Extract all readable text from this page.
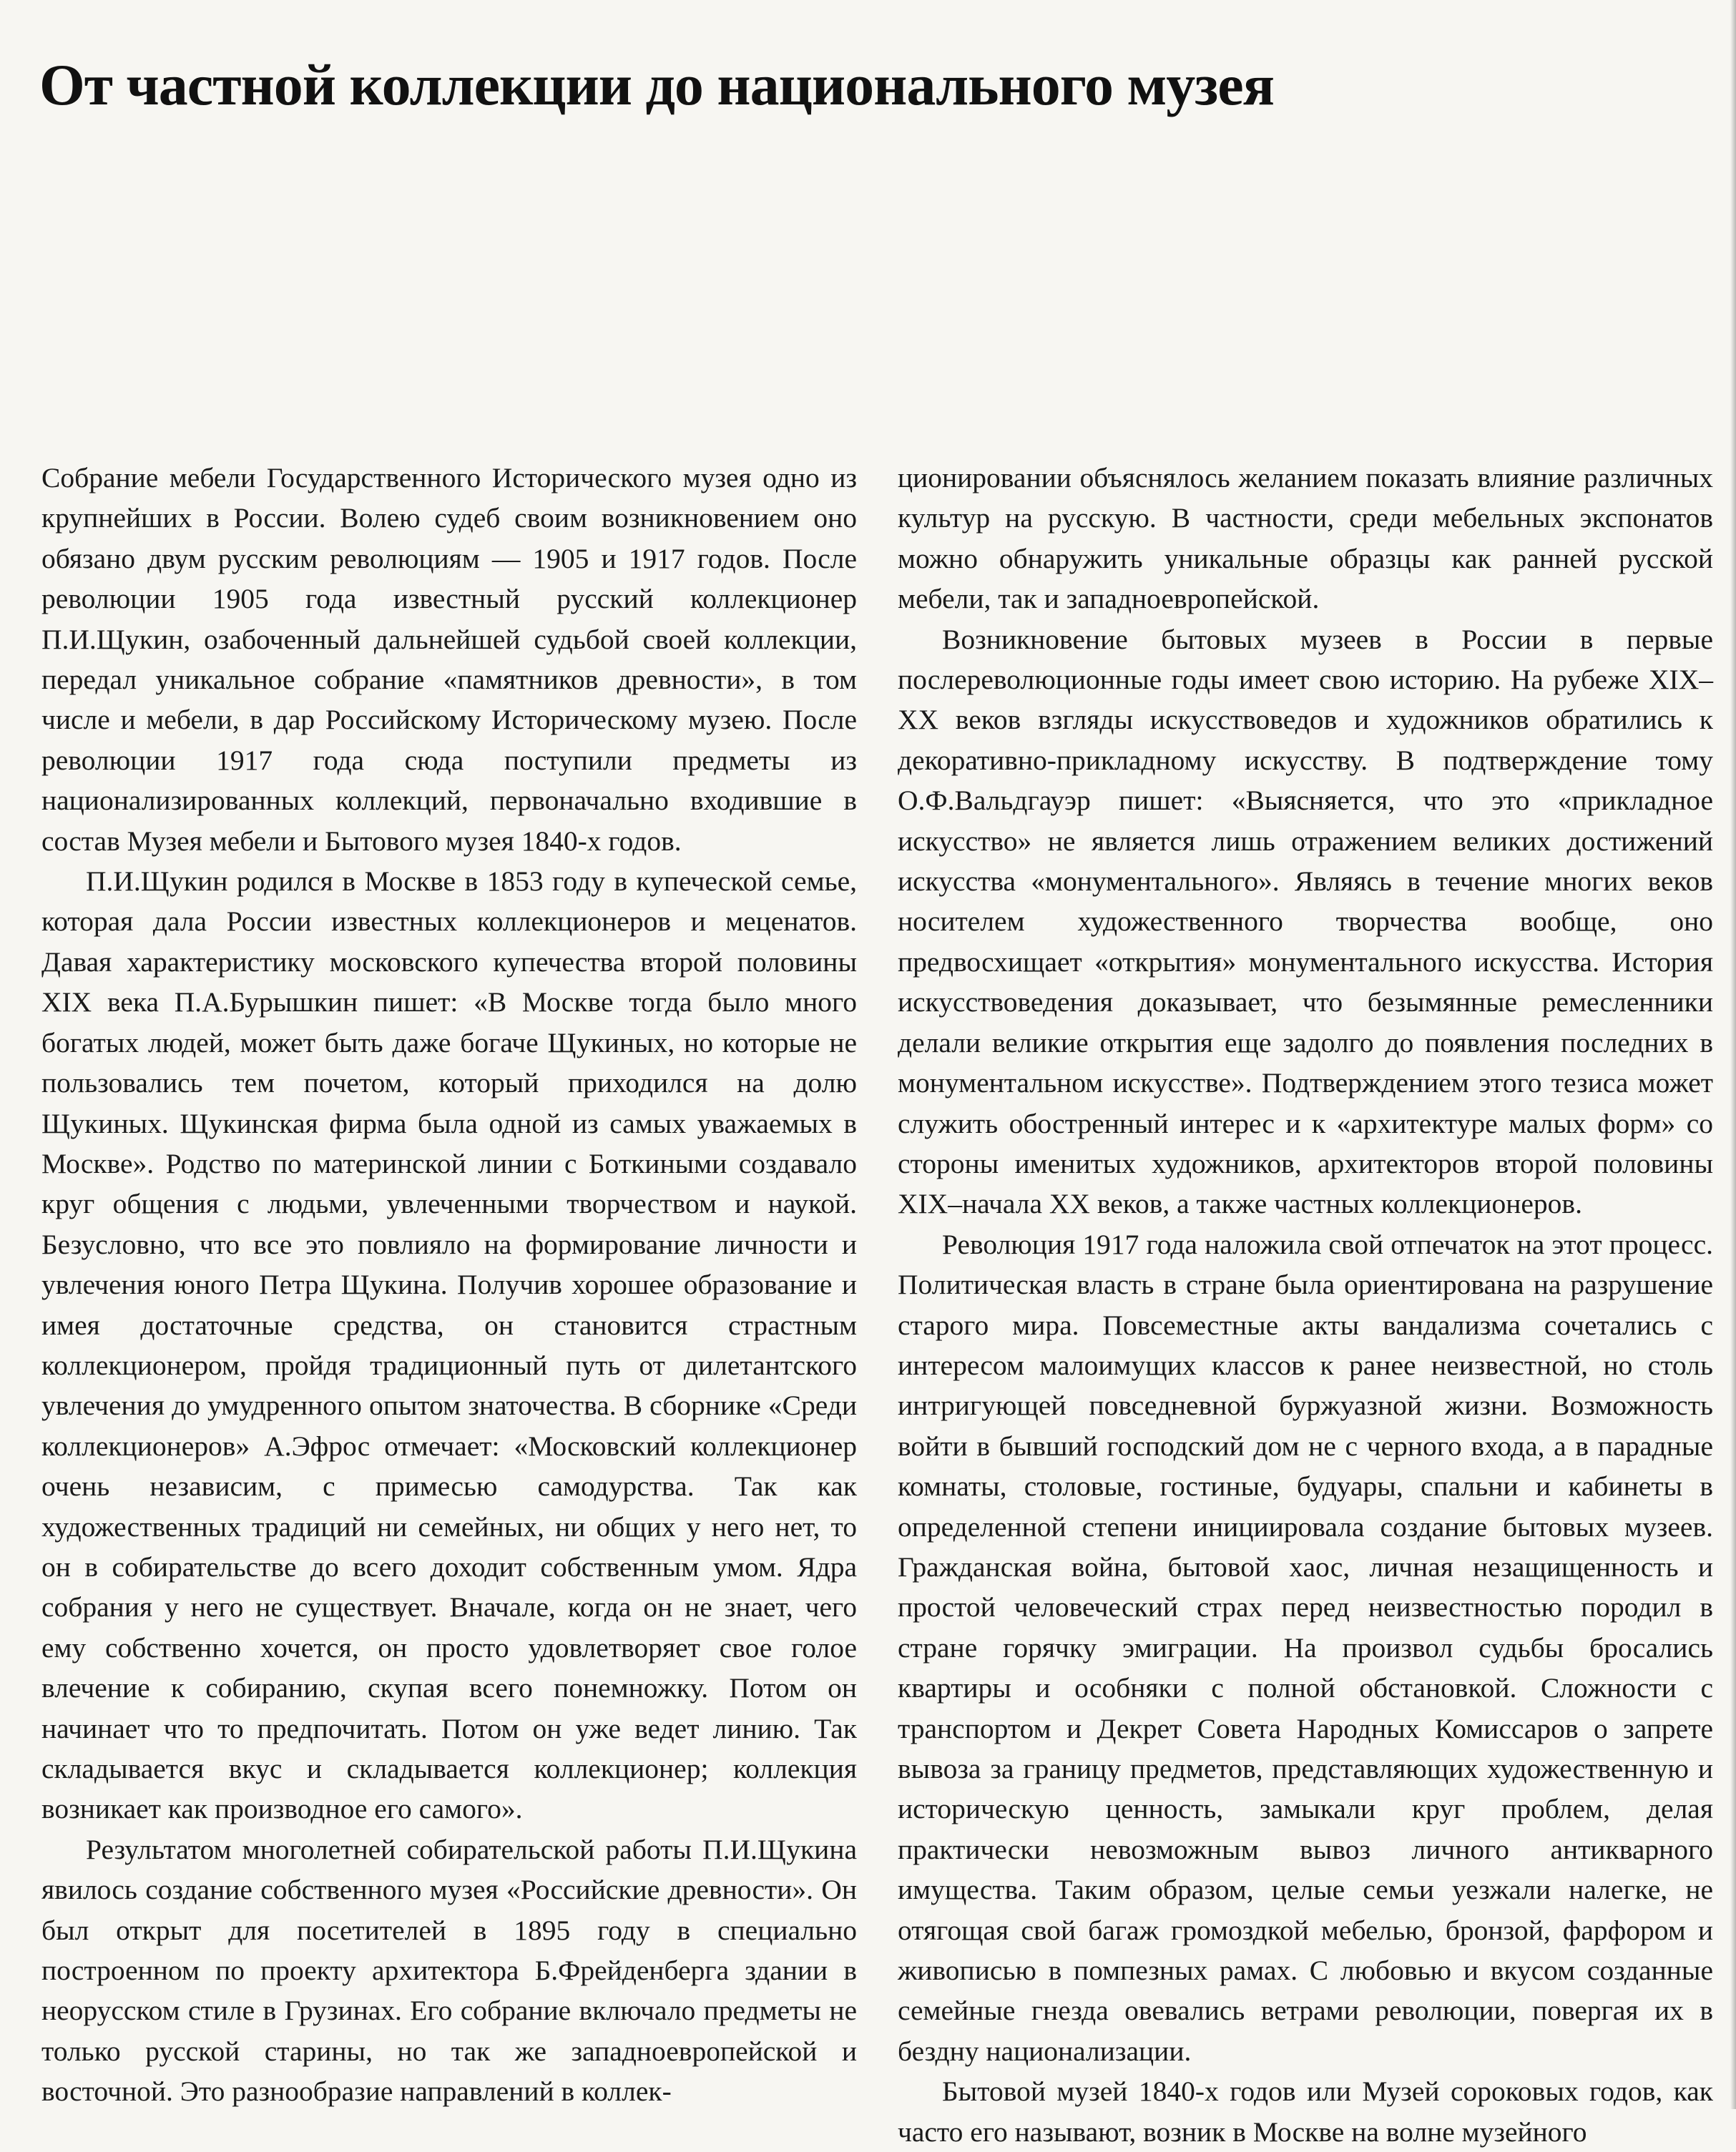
От частной коллекции до национального музея

Собрание мебели Государственного Исторического музея одно из крупнейших в России. Волею судеб своим возникновением оно обязано двум русским революциям — 1905 и 1917 годов. После революции 1905 года известный русский коллекционер П.И.Щукин, озабоченный дальнейшей судьбой своей коллекции, передал уникальное собрание «памятников древности», в том числе и мебели, в дар Российскому Историческому музею. После революции 1917 года сюда поступили предметы из национализированных коллекций, первоначально входившие в состав Музея мебели и Бытового музея 1840-х годов.

П.И.Щукин родился в Москве в 1853 году в купеческой семье, которая дала России известных коллекционеров и меценатов. Давая характеристику московского купечества второй половины XIX века П.А.Бурышкин пишет: «В Москве тогда было много богатых людей, может быть даже богаче Щукиных, но которые не пользовались тем почетом, который приходился на долю Щукиных. Щукинская фирма была одной из самых уважаемых в Москве». Родство по материнской линии с Боткиными создавало круг общения с людьми, увлеченными творчеством и наукой. Безусловно, что все это повлияло на формирование личности и увлечения юного Петра Щукина. Получив хорошее образование и имея достаточные средства, он становится страстным коллекционером, пройдя традиционный путь от дилетантского увлечения до умудренного опытом знаточества. В сборнике «Среди коллекционеров» А.Эфрос отмечает: «Московский коллекционер очень независим, с примесью самодурства. Так как художественных традиций ни семейных, ни общих у него нет, то он в собирательстве до всего доходит собственным умом. Ядра собрания у него не существует. Вначале, когда он не знает, чего ему собственно хочется, он просто удовлетворяет свое голое влечение к собиранию, скупая всего понемножку. Потом он начинает что то предпочитать. Потом он уже ведет линию. Так складывается вкус и складывается коллекционер; коллекция возникает как производное его самого».

Результатом многолетней собирательской работы П.И.Щукина явилось создание собственного музея «Российские древности». Он был открыт для посетителей в 1895 году в специально построенном по проекту архитектора Б.Фрейденберга здании в неорусском стиле в Грузинах. Его собрание включало предметы не только русской старины, но так же западноевропейской и восточной. Это разнообразие направлений в коллек-

ционировании объяснялось желанием показать влияние различных культур на русскую. В частности, среди мебельных экспонатов можно обнаружить уникальные образцы как ранней русской мебели, так и западноевропейской.

Возникновение бытовых музеев в России в первые послереволюционные годы имеет свою историю. На рубеже XIX–XX веков взгляды искусствоведов и художников обратились к декоративно-прикладному искусству. В подтверждение тому О.Ф.Вальдгауэр пишет: «Выясняется, что это «прикладное искусство» не является лишь отражением великих достижений искусства «монументального». Являясь в течение многих веков носителем художественного творчества вообще, оно предвосхищает «открытия» монументального искусства. История искусствоведения доказывает, что безымянные ремесленники делали великие открытия еще задолго до появления последних в монументальном искусстве». Подтверждением этого тезиса может служить обостренный интерес и к «архитектуре малых форм» со стороны именитых художников, архитекторов второй половины XIX–начала XX веков, а также частных коллекционеров.

Революция 1917 года наложила свой отпечаток на этот процесс. Политическая власть в стране была ориентирована на разрушение старого мира. Повсеместные акты вандализма сочетались с интересом малоимущих классов к ранее неизвестной, но столь интригующей повседневной буржуазной жизни. Возможность войти в бывший господский дом не с черного входа, а в парадные комнаты, столовые, гостиные, будуары, спальни и кабинеты в определенной степени инициировала создание бытовых музеев. Гражданская война, бытовой хаос, личная незащищенность и простой человеческий страх перед неизвестностью породил в стране горячку эмиграции. На произвол судьбы бросались квартиры и особняки с полной обстановкой. Сложности с транспортом и Декрет Совета Народных Комиссаров о запрете вывоза за границу предметов, представляющих художественную и историческую ценность, замыкали круг проблем, делая практически невозможным вывоз личного антикварного имущества. Таким образом, целые семьи уезжали налегке, не отягощая свой багаж громоздкой мебелью, бронзой, фарфором и живописью в помпезных рамах. С любовью и вкусом созданные семейные гнезда овевались ветрами революции, повергая их в бездну национализации.

Бытовой музей 1840-х годов или Музей сороковых годов, как часто его называют, возник в Москве на волне музейного
